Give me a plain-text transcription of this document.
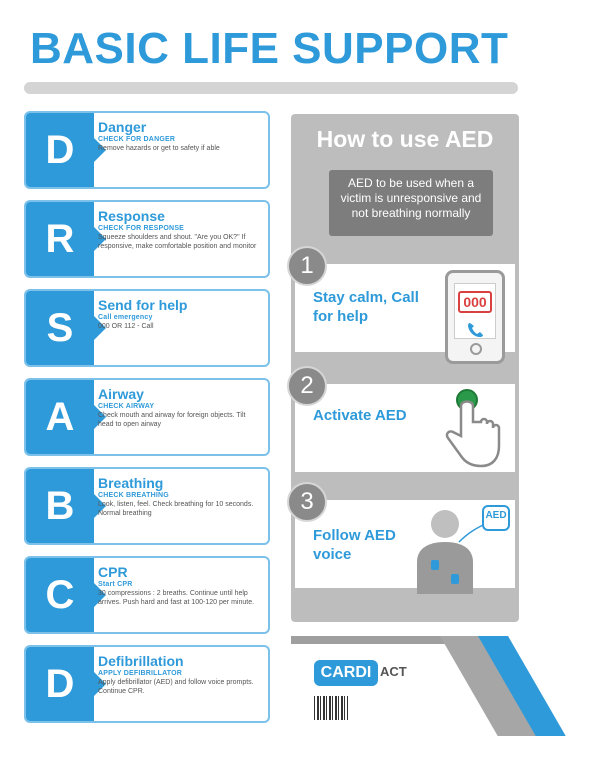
BASIC LIFE SUPPORT
D
Danger
CHECK FOR DANGER
Remove hazards or get to safety if able
R
Response
CHECK FOR RESPONSE
Squeeze shoulders and shout. "Are you OK?" If responsive, make comfortable position and monitor
S
Send for help
Call emergency
000 OR 112 - Call
A
Airway
CHECK AIRWAY
Check mouth and airway for foreign objects. Tilt head to open airway
B
Breathing
CHECK BREATHING
Look, listen, feel. Check breathing for 10 seconds. Normal breathing
C
CPR
Start CPR
30 compressions : 2 breaths. Continue until help arrives. Push hard and fast at 100-120 per minute.
D
Defibrillation
APPLY DEFIBRILLATOR
Apply defibrillator (AED) and follow voice prompts. Continue CPR.
How to use AED
AED to be used when a victim is unresponsive and not breathing normally
1
Stay calm, Call for help
000
2
Activate AED
3
Follow AED voice
AED
CARDI ACT
